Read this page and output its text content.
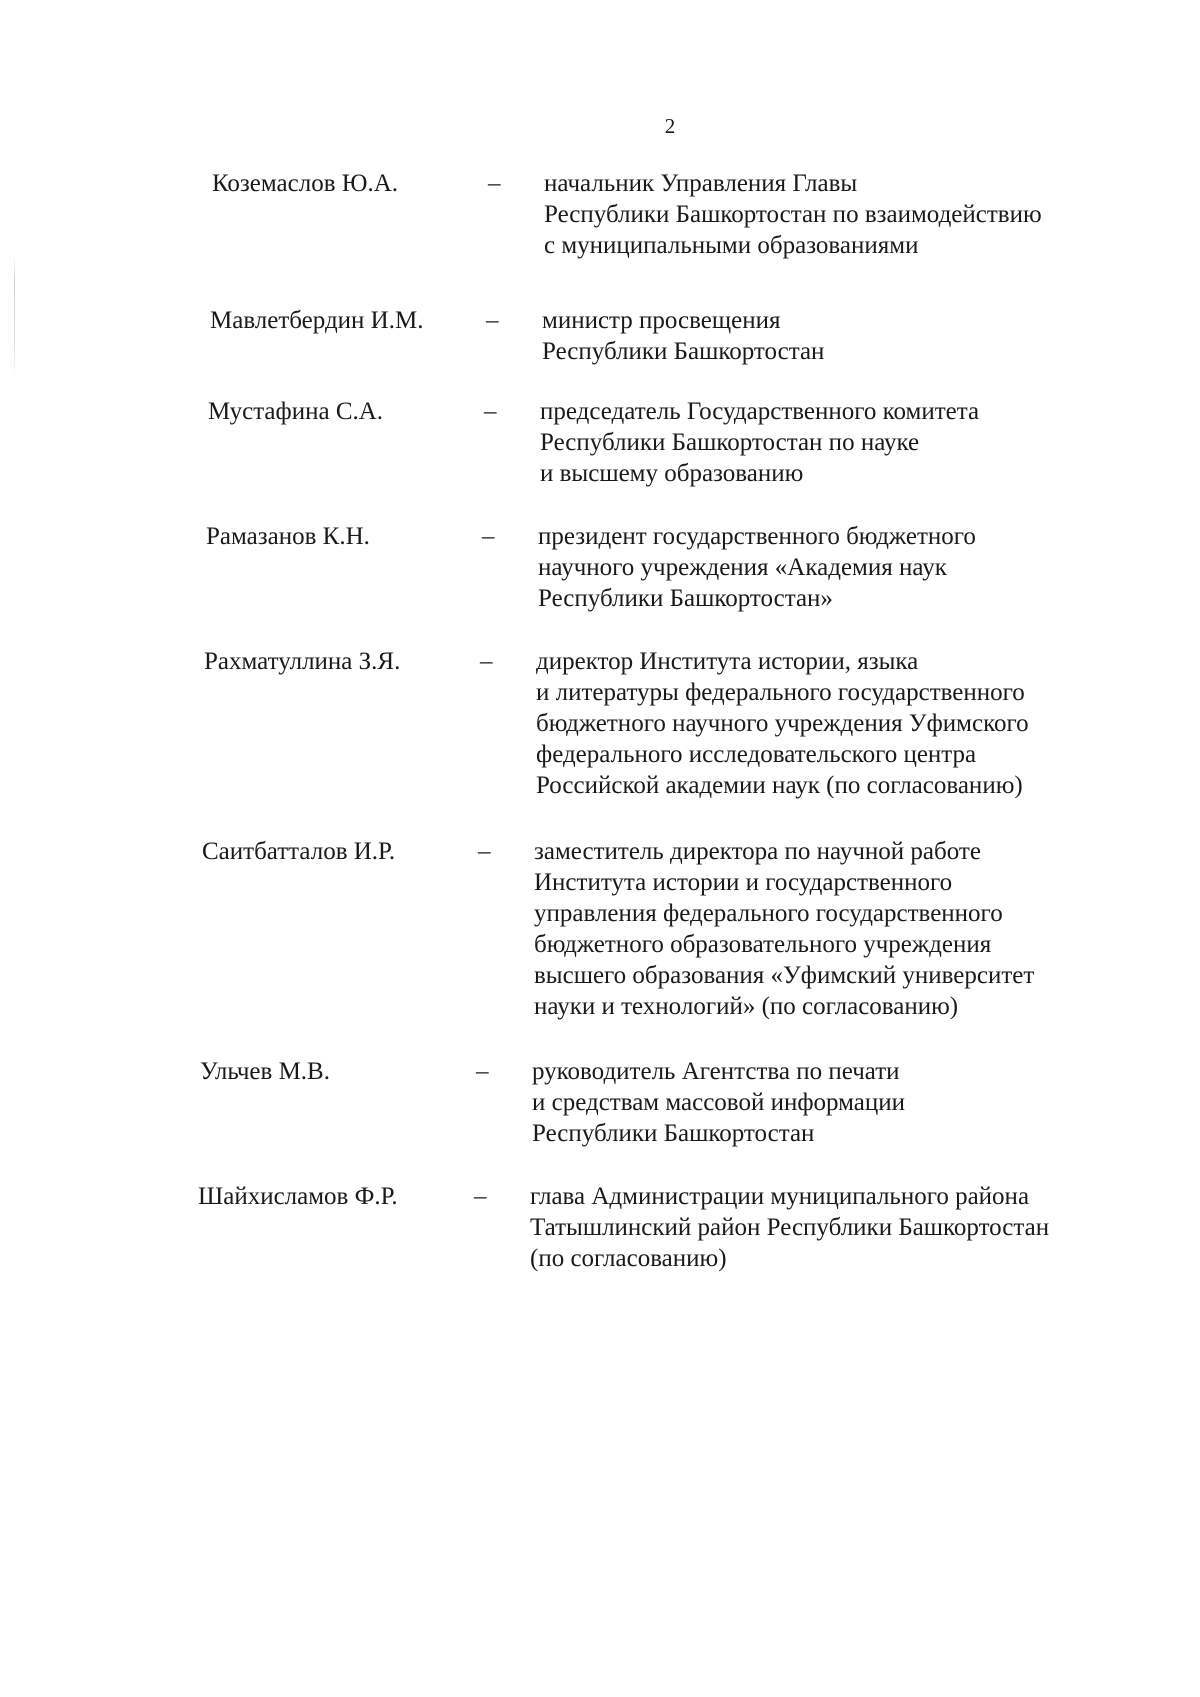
2
Коземаслов Ю.А.	– начальник Управления Главы
Республики Башкортостан по взаимодействию
с муниципальными образованиями
Мавлетбердин И.М.	– министр просвещения
Республики Башкортостан
Мустафина С.А.	– председатель Государственного комитета
Республики Башкортостан по науке
и высшему образованию
Рамазанов К.Н.	– президент государственного бюджетного
научного учреждения «Академия наук
Республики Башкортостан»
Рахматуллина З.Я.	– директор Института истории, языка
и литературы федерального государственного
бюджетного научного учреждения Уфимского
федерального исследовательского центра
Российской академии наук (по согласованию)
Саитбатталов И.Р.	– заместитель директора по научной работе
Института истории и государственного
управления федерального государственного
бюджетного образовательного учреждения
высшего образования «Уфимский университет
науки и технологий» (по согласованию)
Ульчев М.В.	– руководитель Агентства по печати
и средствам массовой информации
Республики Башкортостан
Шайхисламов Ф.Р.	– глава Администрации муниципального района
Татышлинский район Республики Башкортостан
(по согласованию)
